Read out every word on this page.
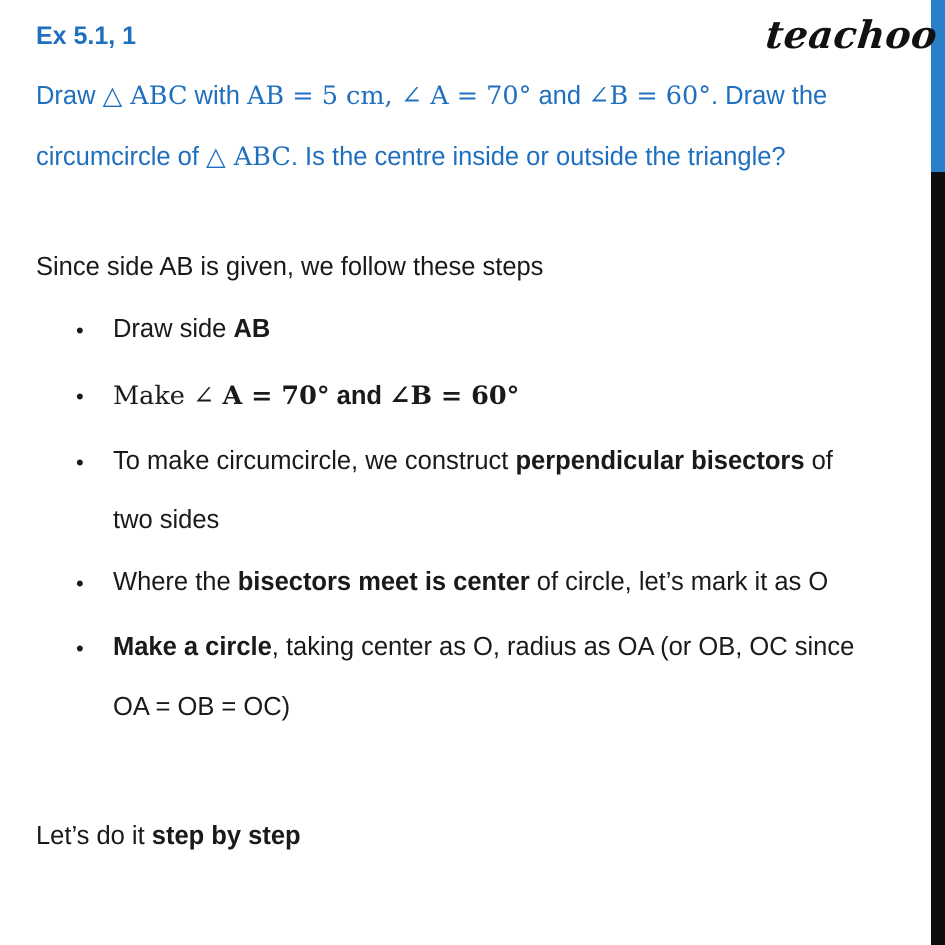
Ex 5.1, 1	teachoo
Draw △ ABC with AB = 5 cm, ∠ A = 70° and ∠B = 60°. Draw the
circumcircle of △ ABC. Is the centre inside or outside the triangle?
Since side AB is given, we follow these steps
• Draw side AB
• Make ∠ A = 70° and ∠B = 60°
• To make circumcircle, we construct perpendicular bisectors of
two sides
• Where the bisectors meet is center of circle, let’s mark it as O
• Make a circle, taking center as O, radius as OA (or OB, OC since
OA = OB = OC)
Let’s do it step by step
